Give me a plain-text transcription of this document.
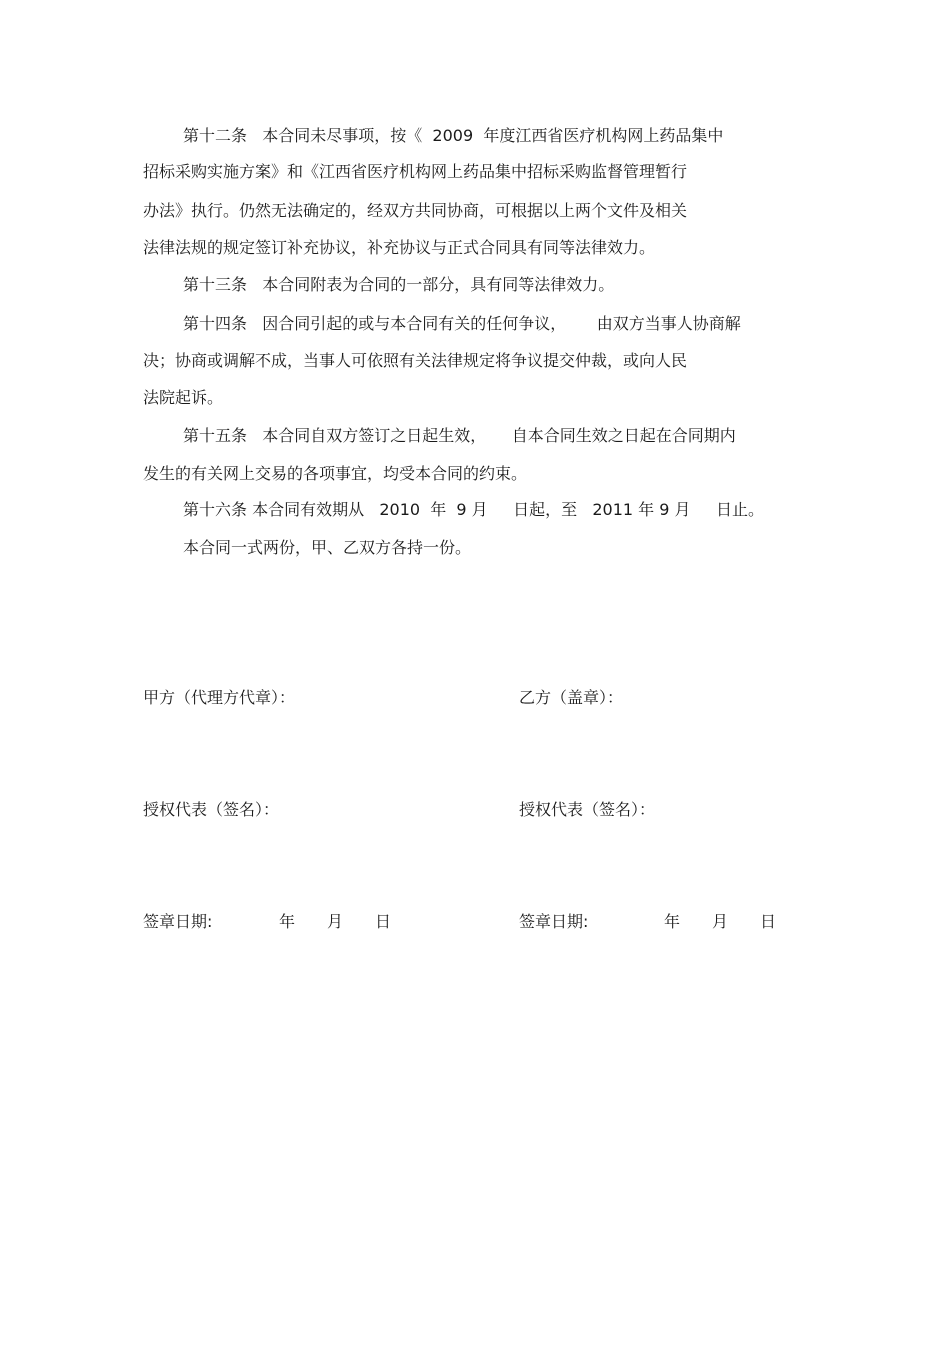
第十二条   本合同未尽事项，按《  2009  年度江西省医疗机构网上药品集中
招标采购实施方案》和《江西省医疗机构网上药品集中招标采购监督管理暂行
办法》执行。仍然无法确定的，经双方共同协商，可根据以上两个文件及相关
法律法规的规定签订补充协议，补充协议与正式合同具有同等法律效力。
第十三条   本合同附表为合同的一部分，具有同等法律效力。
第十四条   因合同引起的或与本合同有关的任何争议，      由双方当事人协商解
决；协商或调解不成，当事人可依照有关法律规定将争议提交仲裁，或向人民
法院起诉。
第十五条   本合同自双方签订之日起生效，     自本合同生效之日起在合同期内
发生的有关网上交易的各项事宜，均受本合同的约束。
第十六条 本合同有效期从   2010  年  9 月     日起，至   2011 年 9 月     日止。
本合同一式两份，甲、乙双方各持一份。
甲方（代理方代章）：
授权代表（签名）：
签章日期:	年 月 日
乙方（盖章）：
授权代表（签名）：
签章日期:	年 月 日
